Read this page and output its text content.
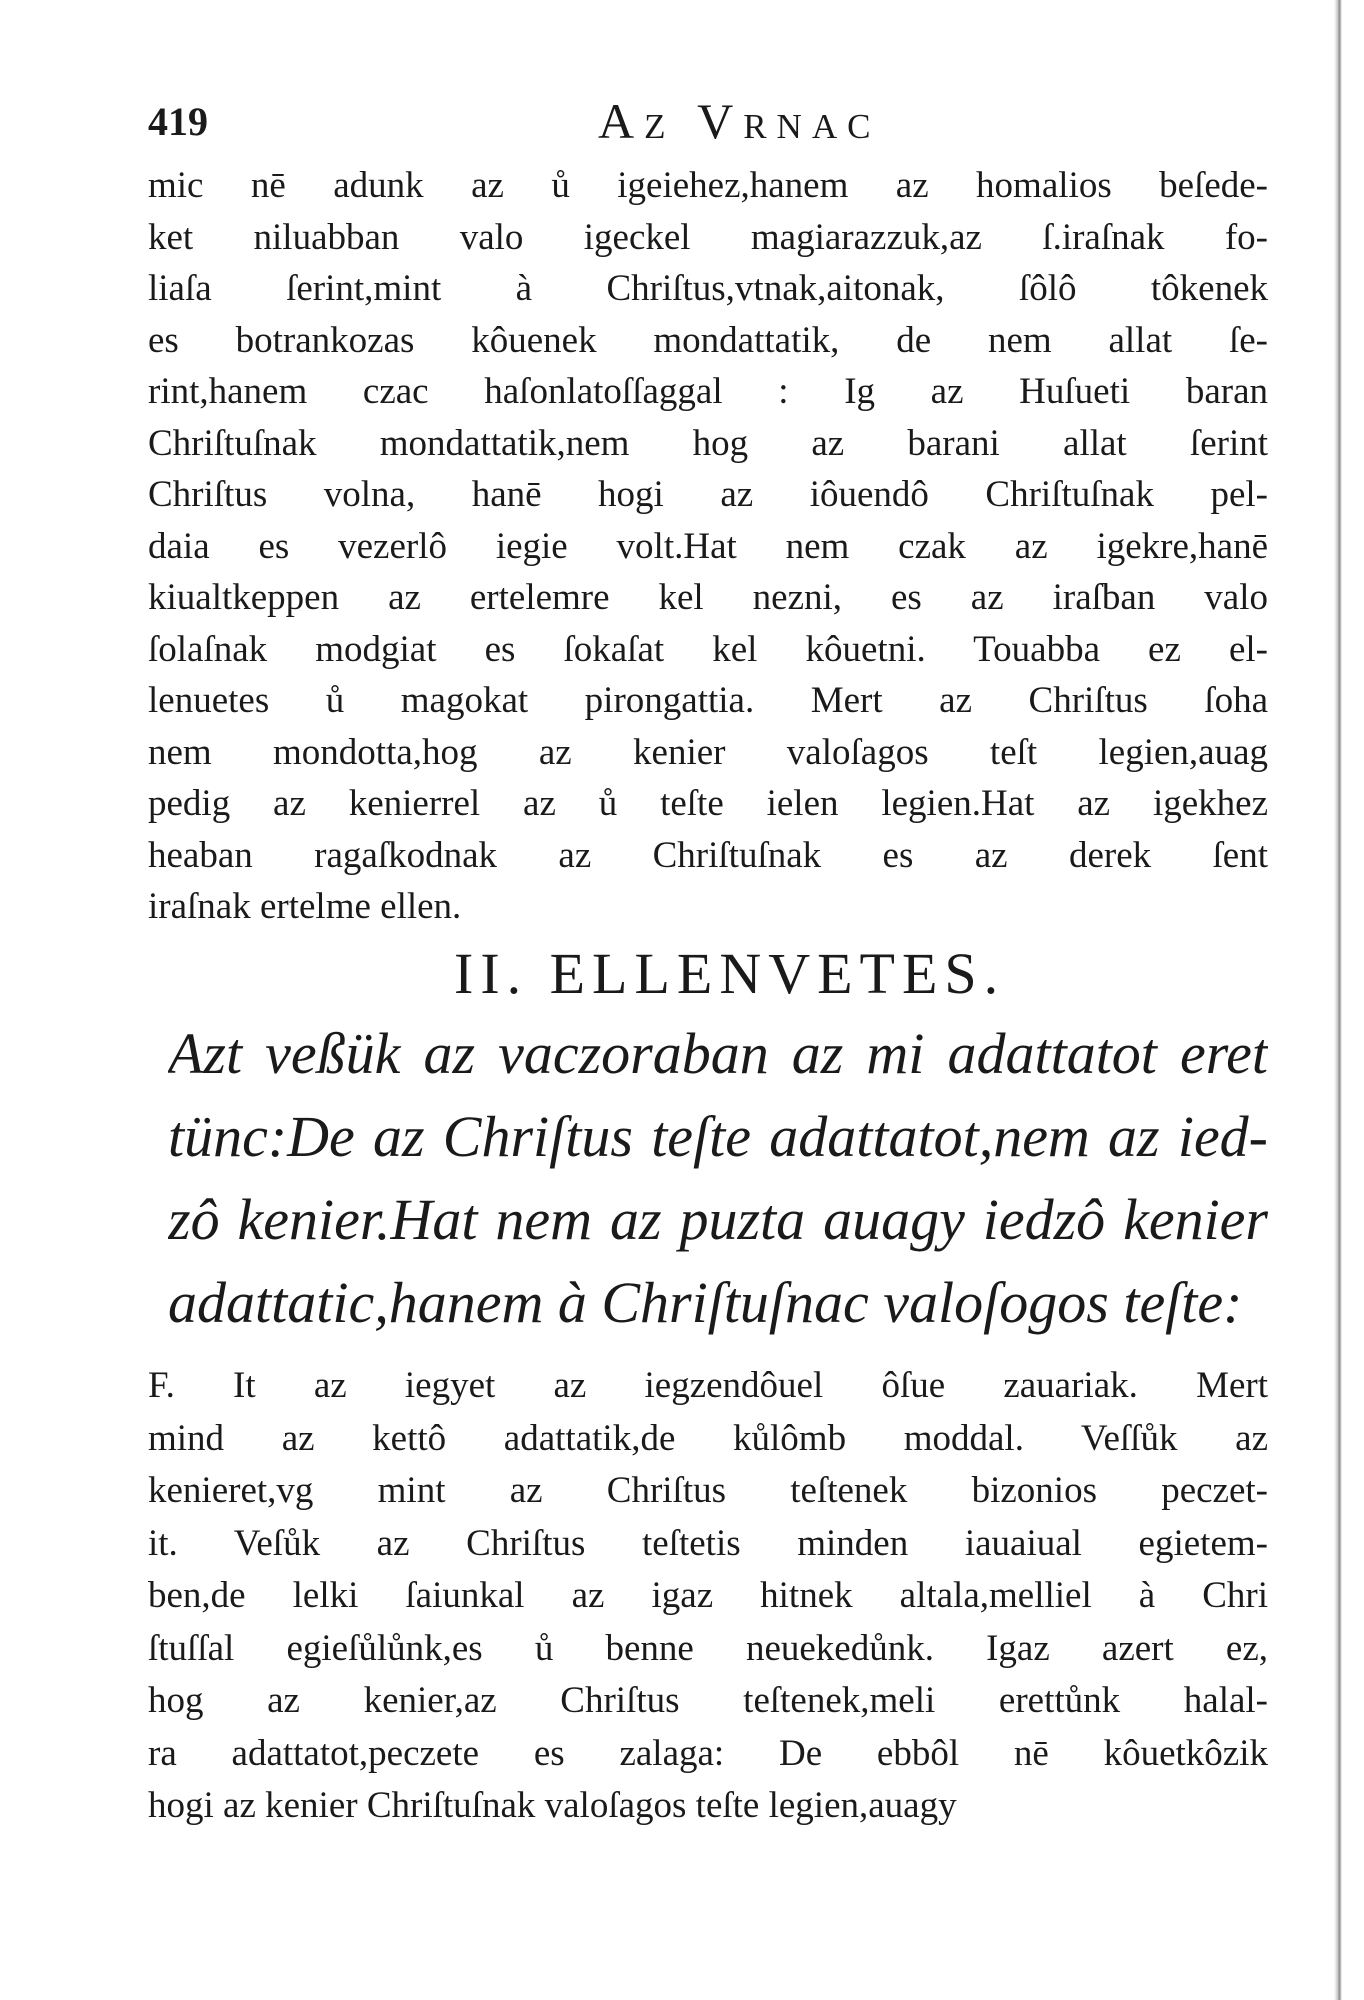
419	Az Vrnac
mic nē adunk az ů igeiehez,hanem az homalios beſede-
ket niluabban valo igeckel magiarazzuk,az ſ.iraſnak fo-
liaſa ſerint,mint à Chriſtus,vtnak,aitonak, ſôlô tôkenek
es botrankozas kôuenek mondattatik, de nem allat ſe-
rint,hanem czac haſonlatoſſaggal : Ig az Huſueti baran
Chriſtuſnak mondattatik,nem hog az barani allat ſerint
Chriſtus volna, hanē hogi az iôuendô Chriſtuſnak pel-
daia es vezerlô iegie volt.Hat nem czak az igekre,hanē
kiualtkeppen az ertelemre kel nezni, es az iraſban valo
ſolaſnak modgiat es ſokaſat kel kôuetni. Touabba ez el-
lenuetes ů magokat pirongattia. Mert az Chriſtus ſoha
nem mondotta,hog az kenier valoſagos teſt legien,auag
pedig az kenierrel az ů teſte ielen legien.Hat az igekhez
heaban ragaſkodnak az Chriſtuſnak es az derek ſent
iraſnak ertelme ellen.
II. ELLENVETES.
Azt veßük az vaczoraban az mi adattatot eret
tünc:De az Chriſtus teſte adattatot,nem az ied-
zô kenier.Hat nem az puzta auagy iedzô kenier
adattatic,hanem à Chriſtuſnac valoſogos teſte:
F. It az iegyet az iegzendôuel ôſue zauariak. Mert
mind az kettô adattatik,de kůlômb moddal. Veſſůk az
kenieret,vg mint az Chriſtus teſtenek bizonios peczet-
it. Veſůk az Chriſtus teſtetis minden iauaiual egietem-
ben,de lelki ſaiunkal az igaz hitnek altala,melliel à Chri
ſtuſſal egieſůlůnk,es ů benne neuekedůnk. Igaz azert ez,
hog az kenier,az Chriſtus teſtenek,meli erettůnk halal-
ra adattatot,peczete es zalaga: De ebbôl nē kôuetkôzik
hogi az kenier Chriſtuſnak valoſagos teſte legien,auagy
